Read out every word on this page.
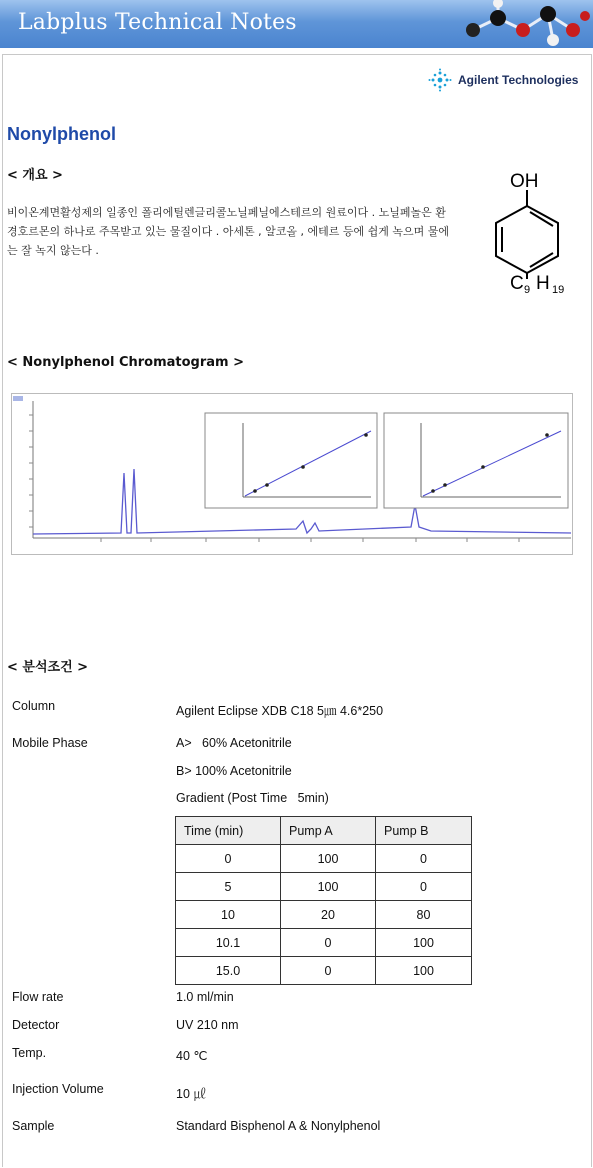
Labplus Technical Notes
Agilent Technologies
Nonylphenol
< 개요 >
비이온계면활성제의 일종인 폴리에틸렌글리콜노닐페닐에스테르의 원료이다 . 노닐페놀은 환경호르몬의 하나로 주목받고 있는 물질이다 . 아세톤 , 알코올 , 에테르 등에 쉽게 녹으며 물에는 잘 녹지 않는다 .
OH
C 9 H 19
< Nonylphenol Chromatogram >
< 분석조건 >
Column	Agilent Eclipse XDB C18 5㎛ 4.6*250
Mobile Phase	A>   60% Acetonitrile
B> 100% Acetonitrile
Gradient (Post Time   5min)
Time (min)	Pump A	Pump B
0	100	0
5	100	0
10	20	80
10.1	0	100
15.0	0	100
Flow rate	1.0 ml/min
Detector	UV 210 nm
Temp.	40 ℃
Injection Volume	10 ㎕
Sample	Standard Bisphenol A & Nonylphenol
